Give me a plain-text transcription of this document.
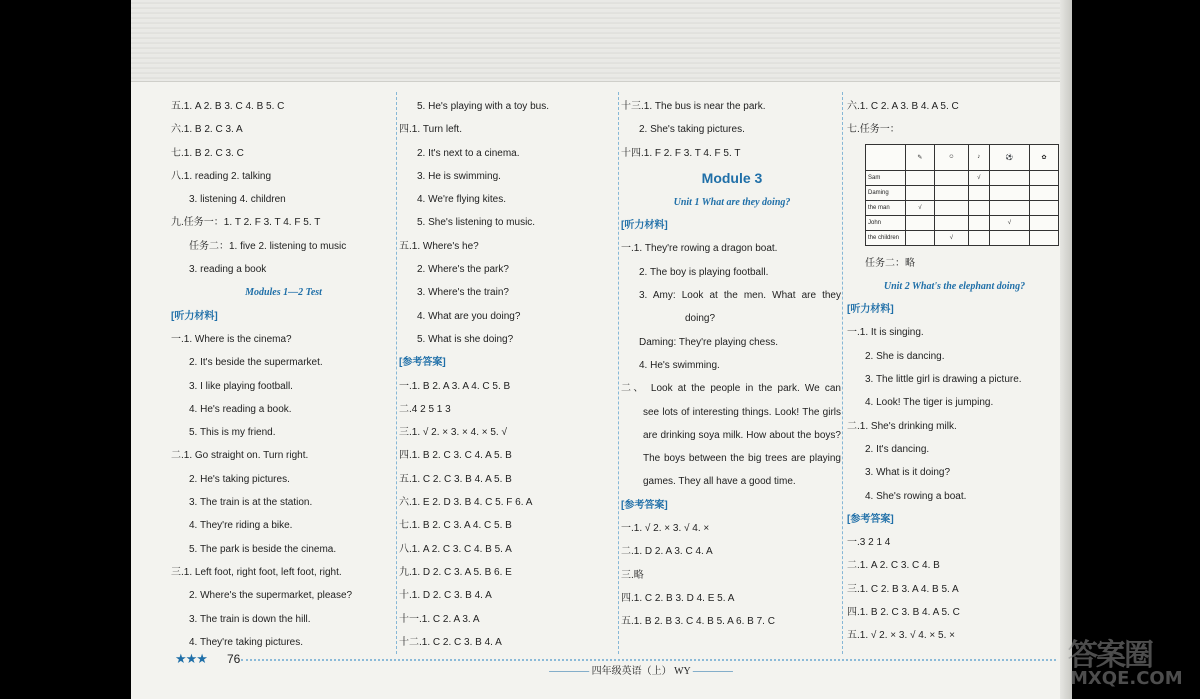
五.1. A 2. B 3. C 4. B 5. C
六.1. B 2. C 3. A
七.1. B 2. C 3. C
八.1. reading 2. talking
3. listening 4. children
九.任务一：1. T 2. F 3. T 4. F 5. T
任务二：1. five 2. listening to music
3. reading a book
Modules 1—2 Test
[听力材料]
一.1. Where is the cinema?
2. It's beside the supermarket.
3. I like playing football.
4. He's reading a book.
5. This is my friend.
二.1. Go straight on. Turn right.
2. He's taking pictures.
3. The train is at the station.
4. They're riding a bike.
5. The park is beside the cinema.
三.1. Left foot, right foot, left foot, right.
2. Where's the supermarket, please?
3. The train is down the hill.
4. They're taking pictures.
5. He's playing with a toy bus.
四.1. Turn left.
2. It's next to a cinema.
3. He is swimming.
4. We're flying kites.
5. She's listening to music.
五.1. Where's he?
2. Where's the park?
3. Where's the train?
4. What are you doing?
5. What is she doing?
[参考答案]
一.1. B 2. A 3. A 4. C 5. B
二.4 2 5 1 3
三.1. √ 2. × 3. × 4. × 5. √
四.1. B 2. C 3. C 4. A 5. B
五.1. C 2. C 3. B 4. A 5. B
六.1. E 2. D 3. B 4. C 5. F 6. A
七.1. B 2. C 3. A 4. C 5. B
八.1. A 2. C 3. C 4. B 5. A
九.1. D 2. C 3. A 5. B 6. E
十.1. D 2. C 3. B 4. A
十一.1. C 2. A 3. A
十二.1. C 2. C 3. B 4. A
十三.1. The bus is near the park.
2. She's taking pictures.
十四.1. F 2. F 3. T 4. F 5. T
Module 3
Unit 1 What are they doing?
[听力材料]
一.1. They're rowing a dragon boat.
2. The boy is playing football.
3. Amy: Look at the men. What are they
doing?
Daming: They're playing chess.
4. He's swimming.
二、 Look at the people in the park. We can
see lots of interesting things. Look! The girls
are drinking soya milk. How about the boys?
The boys between the big trees are playing
games. They all have a good time.
[参考答案]
一.1. √ 2. × 3. √ 4. ×
二.1. D 2. A 3. C 4. A
三.略
四.1. C 2. B 3. D 4. E 5. A
五.1. B 2. B 3. C 4. B 5. A 6. B 7. C
六.1. C 2. A 3. B 4. A 5. C
七.任务一：
	✎	☺	♪	⚽	✿
Sam			√		
Daming					
the man	√				
John				√	
the children		√			
任务二：略
Unit 2 What's the elephant doing?
[听力材料]
一.1. It is singing.
2. She is dancing.
3. The little girl is drawing a picture.
4. Look! The tiger is jumping.
二.1. She's drinking milk.
2. It's dancing.
3. What is it doing?
4. She's rowing a boat.
[参考答案]
一.3 2 1 4
二.1. A 2. C 3. C 4. B
三.1. C 2. B 3. A 4. B 5. A
四.1. B 2. C 3. B 4. A 5. C
五.1. √ 2. × 3. √ 4. × 5. ×
★★★ 76
———— 四年级英语（上） WY ————	答案圈
MXQE.COM
